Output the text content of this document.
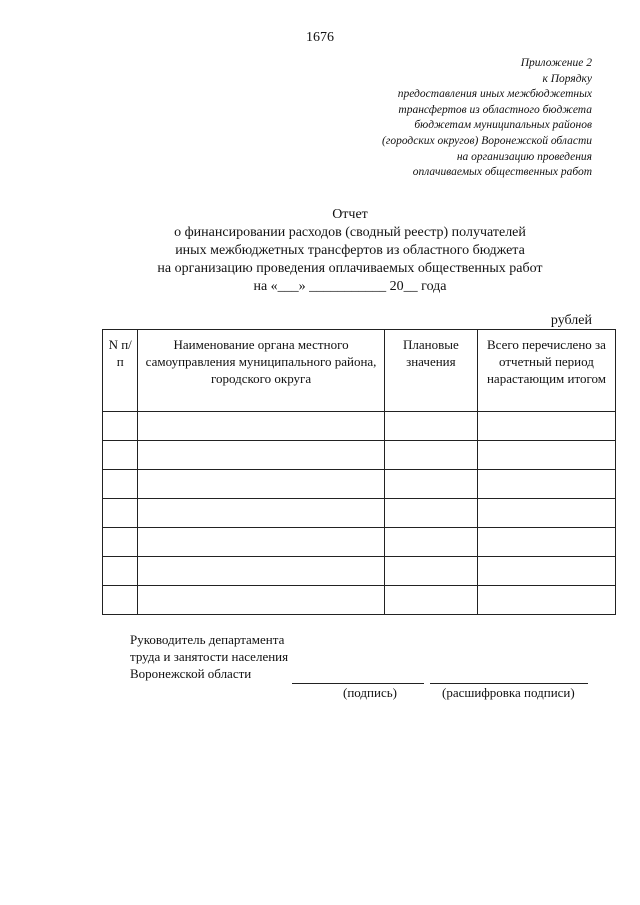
1676
Приложение 2
к Порядку
предоставления иных межбюджетных
трансфертов из областного бюджета
бюджетам муниципальных районов
(городских округов) Воронежской области
на организацию проведения
оплачиваемых общественных работ
Отчет
о финансировании расходов (сводный реестр) получателей
иных межбюджетных трансфертов из областного бюджета
на организацию проведения оплачиваемых общественных работ
на «___» ___________ 20__ года
рублей
N п/п	Наименование органа местного самоуправления муниципального района, городского округа	Плановые значения	Всего перечислено за отчетный период нарастающим итогом

Руководитель департамента
труда и занятости населения
Воронежской области
(подпись)	(расшифровка подписи)
